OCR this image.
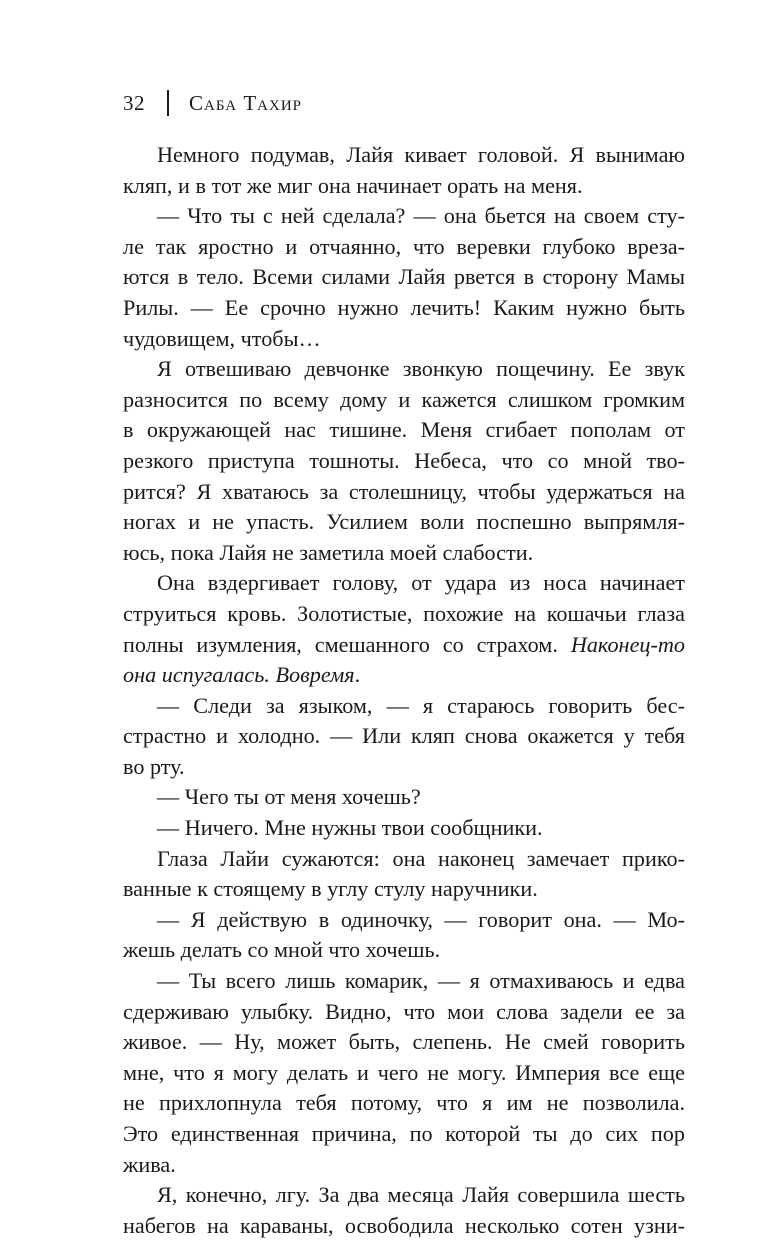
32 Саба Тахир
Немного подумав, Лайя кивает головой. Я вынимаю
кляп, и в тот же миг она начинает орать на меня.
— Что ты с ней сделала? — она бьется на своем сту-
ле так яростно и отчаянно, что веревки глубоко вреза-
ются в тело. Всеми силами Лайя рвется в сторону Мамы
Рилы. — Ее срочно нужно лечить! Каким нужно быть
чудовищем, чтобы…
Я отвешиваю девчонке звонкую пощечину. Ее звук
разносится по всему дому и кажется слишком громким
в окружающей нас тишине. Меня сгибает пополам от
резкого приступа тошноты. Небеса, что со мной тво-
рится? Я хватаюсь за столешницу, чтобы удержаться на
ногах и не упасть. Усилием воли поспешно выпрямля-
юсь, пока Лайя не заметила моей слабости.
Она вздергивает голову, от удара из носа начинает
струиться кровь. Золотистые, похожие на кошачьи глаза
полны изумления, смешанного со страхом. Наконец-то
она испугалась. Вовремя.
— Следи за языком, — я стараюсь говорить бес-
страстно и холодно. — Или кляп снова окажется у тебя
во рту.
— Чего ты от меня хочешь?
— Ничего. Мне нужны твои сообщники.
Глаза Лайи сужаются: она наконец замечает прико-
ванные к стоящему в углу стулу наручники.
— Я действую в одиночку, — говорит она. — Мо-
жешь делать со мной что хочешь.
— Ты всего лишь комарик, — я отмахиваюсь и едва
сдерживаю улыбку. Видно, что мои слова задели ее за
живое. — Ну, может быть, слепень. Не смей говорить
мне, что я могу делать и чего не могу. Империя все еще
не прихлопнула тебя потому, что я им не позволила.
Это единственная причина, по которой ты до сих пор
жива.
Я, конечно, лгу. За два месяца Лайя совершила шесть
набегов на караваны, освободила несколько сотен узни-
